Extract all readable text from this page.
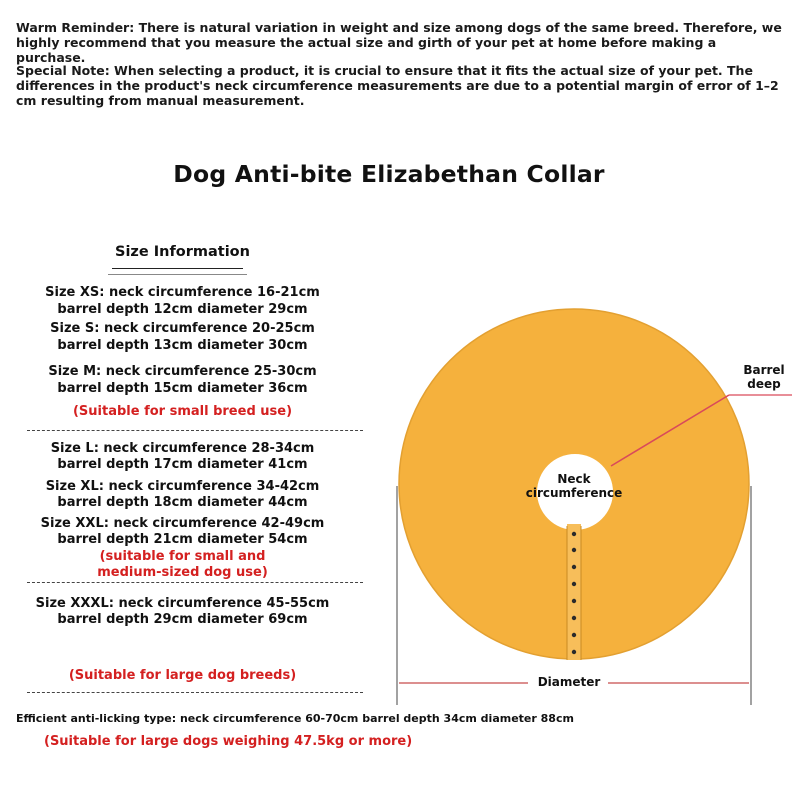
Warm Reminder: There is natural variation in weight and size among dogs of the same breed. Therefore, we highly recommend that you measure the actual size and girth of your pet at home before making a purchase.
Special Note: When selecting a product, it is crucial to ensure that it fits the actual size of your pet. The differences in the product's neck circumference measurements are due to a potential margin of error of 1–2 cm resulting from manual measurement.
Dog Anti-bite Elizabethan Collar
Size Information
Size XS: neck circumference 16-21cm
barrel depth 12cm diameter 29cm
Size S: neck circumference 20-25cm
barrel depth 13cm diameter 30cm
Size M: neck circumference 25-30cm
barrel depth 15cm diameter 36cm
(Suitable for small breed use)
Size L: neck circumference 28-34cm
barrel depth 17cm diameter 41cm
Size XL: neck circumference 34-42cm
barrel depth 18cm diameter 44cm
Size XXL: neck circumference 42-49cm
barrel depth 21cm diameter 54cm
(suitable for small and
medium-sized dog use)
Size XXXL: neck circumference 45-55cm
barrel depth 29cm diameter 69cm
(Suitable for large dog breeds)
Efficient anti-licking type: neck circumference 60-70cm barrel depth 34cm diameter 88cm
(Suitable for large dogs weighing 47.5kg or more)
Barrel
deep
Neck
circumference
Diameter
